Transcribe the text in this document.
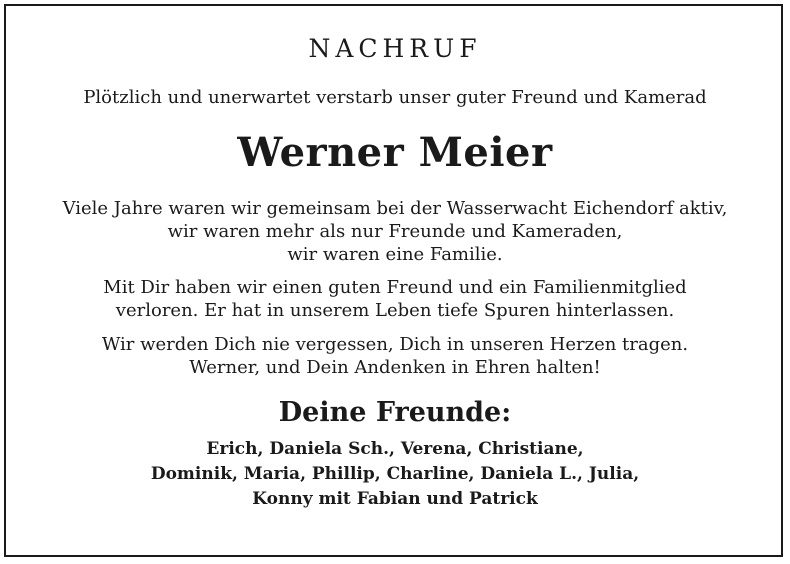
NACHRUF
Plötzlich und unerwartet verstarb unser guter Freund und Kamerad
Werner Meier
Viele Jahre waren wir gemeinsam bei der Wasserwacht Eichendorf aktiv,
wir waren mehr als nur Freunde und Kameraden,
wir waren eine Familie.
Mit Dir haben wir einen guten Freund und ein Familienmitglied
verloren. Er hat in unserem Leben tiefe Spuren hinterlassen.
Wir werden Dich nie vergessen, Dich in unseren Herzen tragen.
Werner, und Dein Andenken in Ehren halten!
Deine Freunde:
Erich, Daniela Sch., Verena, Christiane,
Dominik, Maria, Phillip, Charline, Daniela L., Julia,
Konny mit Fabian und Patrick
